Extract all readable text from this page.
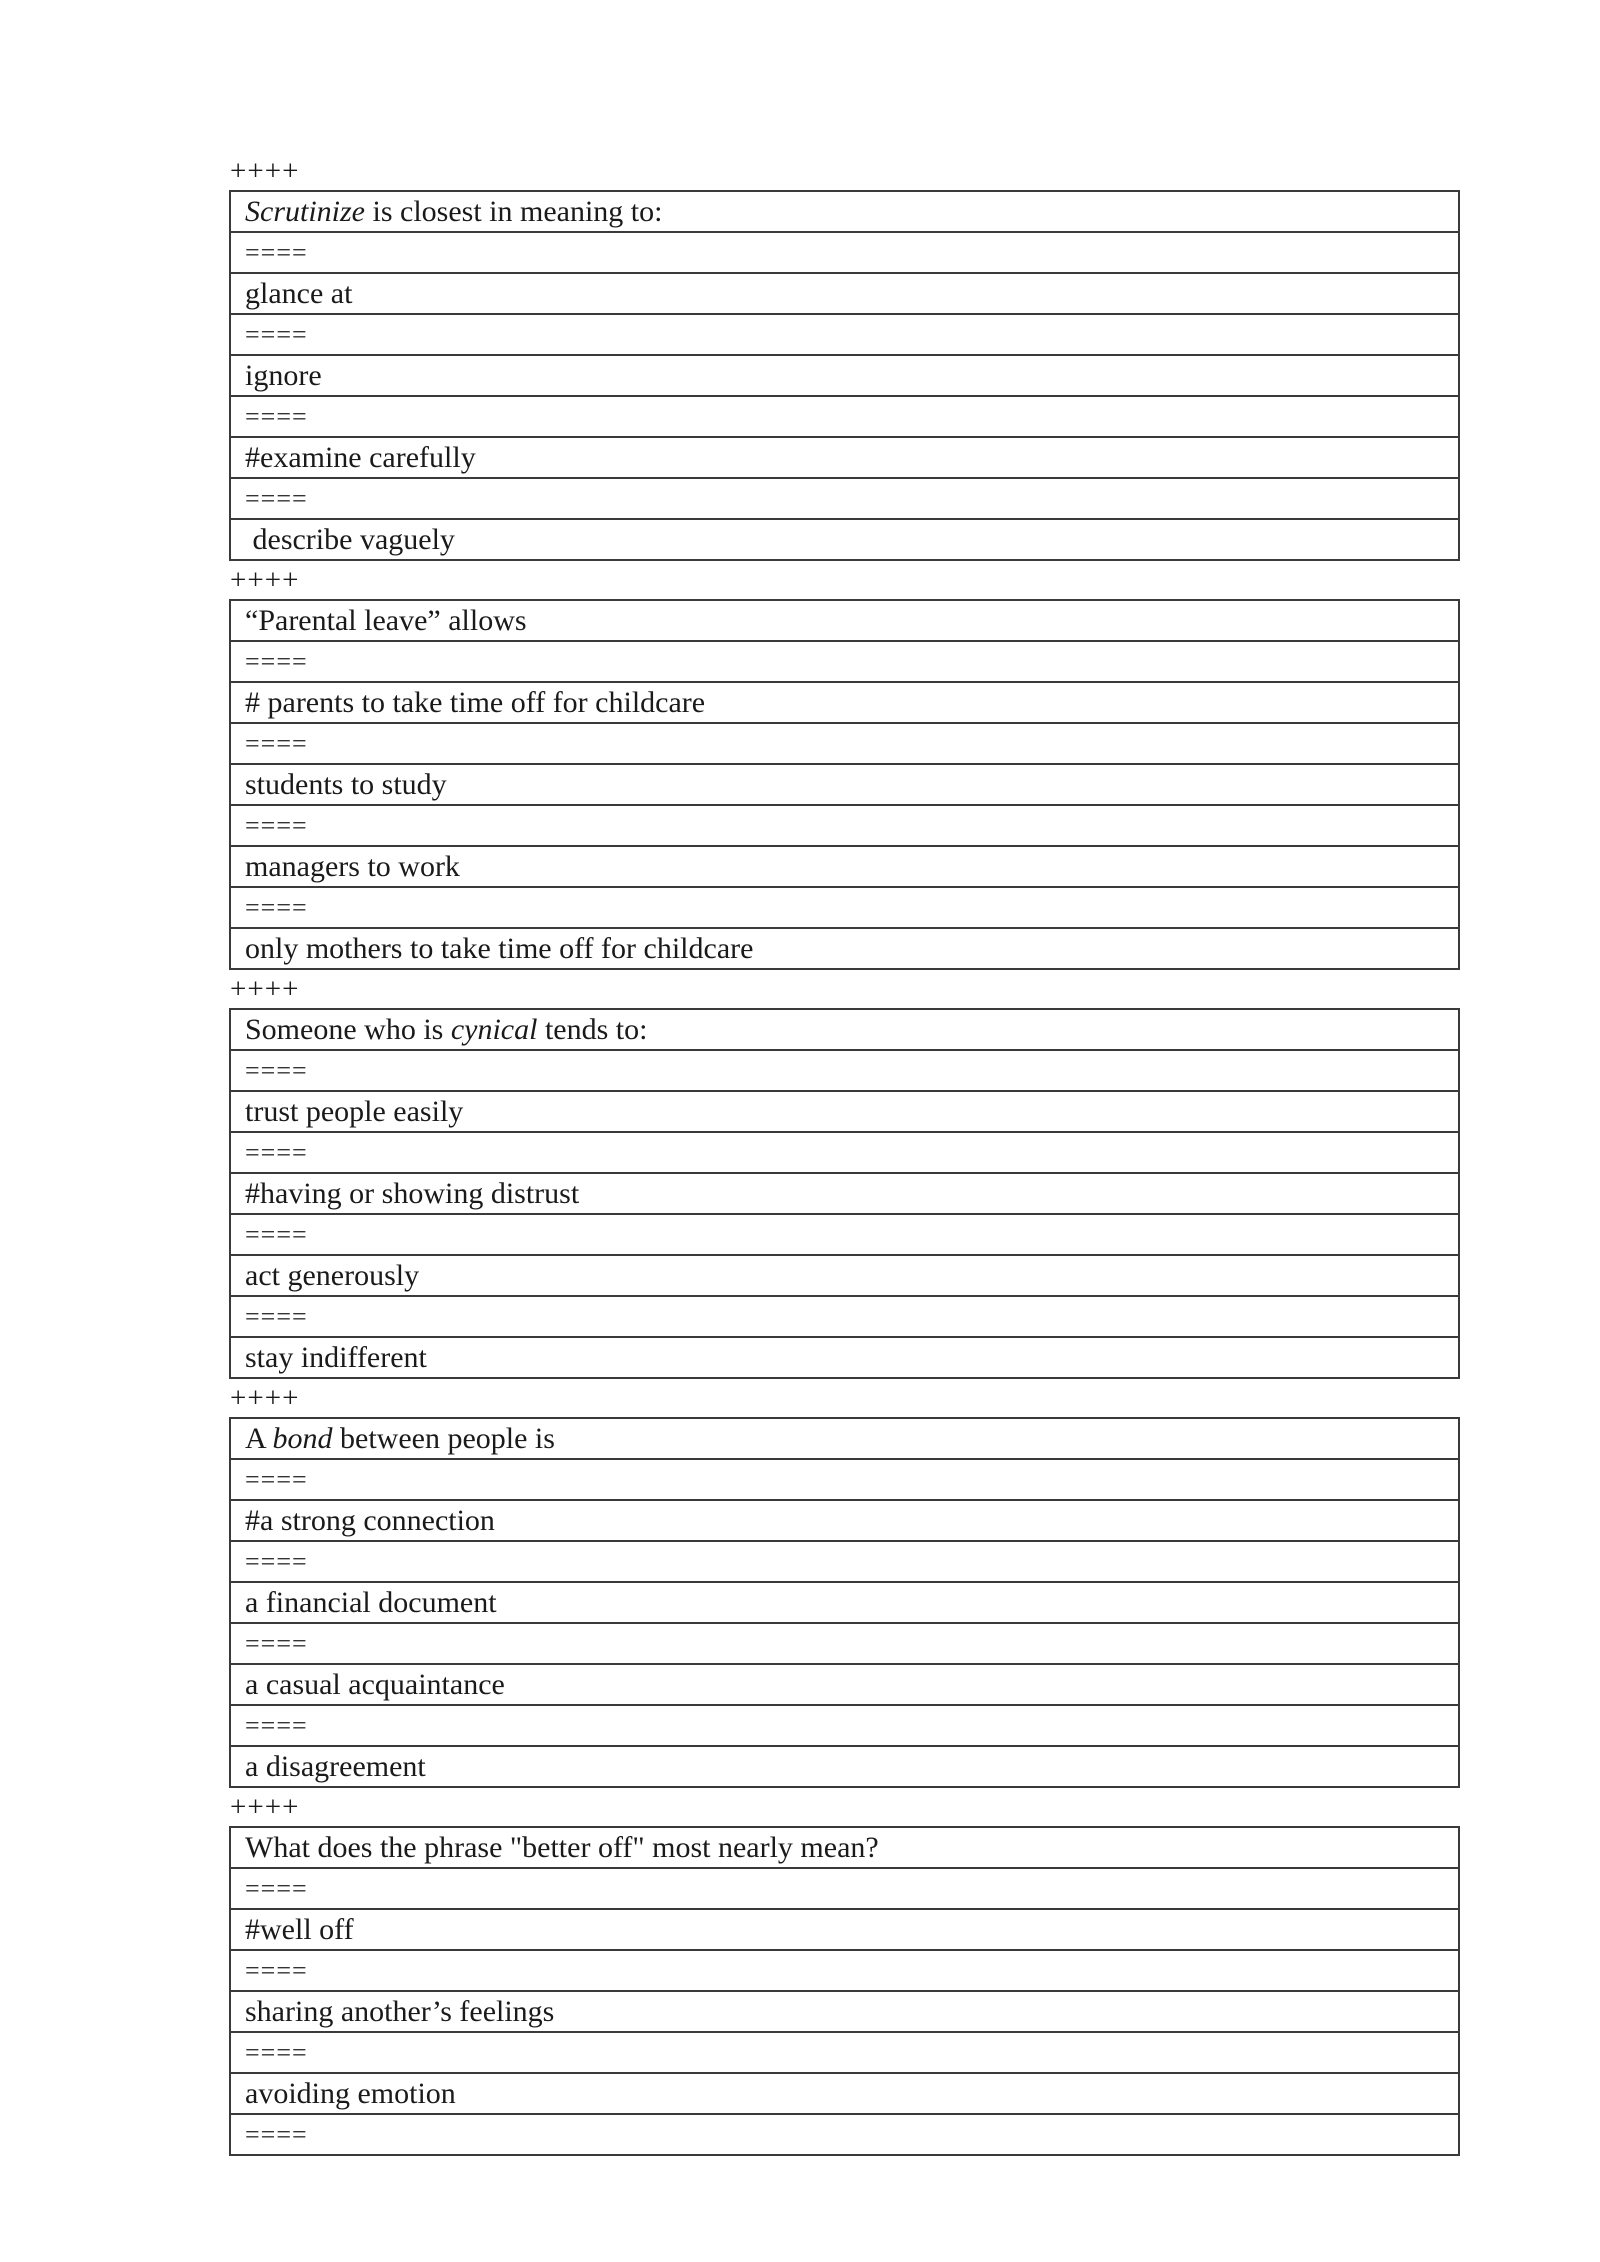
++++
Scrutinize is closest in meaning to:
====
glance at
====
ignore
====
#examine carefully
====
describe vaguely
++++
“Parental leave” allows
====
# parents to take time off for childcare
====
students to study
====
managers to work
====
only mothers to take time off for childcare
++++
Someone who is cynical tends to:
====
trust people easily
====
#having or showing distrust
====
act generously
====
stay indifferent
++++
A bond between people is
====
#a strong connection
====
a financial document
====
a casual acquaintance
====
a disagreement
++++
What does the phrase "better off" most nearly mean?
====
#well off
====
sharing another’s feelings
====
avoiding emotion
====
